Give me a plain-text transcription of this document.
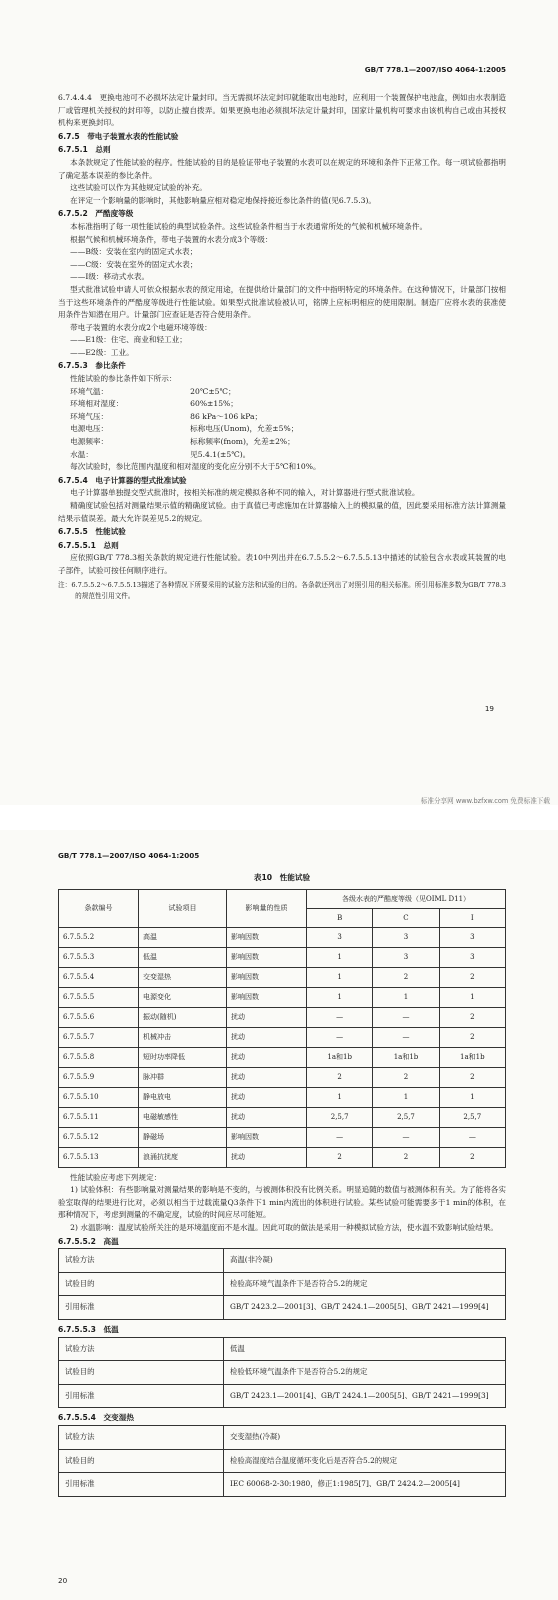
GB/T 778.1—2007/ISO 4064-1:2005

6.7.4.4.4　更换电池可不必损坏法定计量封印。当无需损坏法定封印就能取出电池时，应利用一个装置保护电池盒，例如由水表制造厂或管理机关授权的封印等，以防止擅自拨弄。如果更换电池必须损坏法定计量封印，国家计量机构可要求由该机构自己或由其授权机构来更换封印。

6.7.5　带电子装置水表的性能试验

6.7.5.1　总则

本条款规定了性能试验的程序。性能试验的目的是验证带电子装置的水表可以在规定的环境和条件下正常工作。每一项试验都指明了确定基本误差的参比条件。

这些试验可以作为其他规定试验的补充。

在评定一个影响量的影响时，其他影响量应相对稳定地保持接近参比条件的值(见6.7.5.3)。

6.7.5.2　严酷度等级

本标准指明了每一项性能试验的典型试验条件。这些试验条件相当于水表通常所处的气候和机械环境条件。

根据气候和机械环境条件，带电子装置的水表分成3个等级：

——B级：安装在室内的固定式水表；

——C级：安装在室外的固定式水表；

——I级：移动式水表。

型式批准试验申请人可依众根据水表的预定用途，在提供给计量部门的文件中指明特定的环境条件。在这种情况下，计量部门按相当于这些环境条件的严酷度等级进行性能试验。如果型式批准试验被认可，铭牌上应标明相应的使用限制。制造厂应将水表的获准使用条件告知潜在用户。计量部门应查证是否符合使用条件。

带电子装置的水表分成2个电磁环境等级：

——E1级：住宅、商业和轻工业；

——E2级：工业。

6.7.5.3　参比条件

性能试验的参比条件如下所示：

环境气温：	20℃±5℃；
环境相对湿度：	60%±15%；
环境气压：	86 kPa～106 kPa；
电源电压：	标称电压(Unom)，允差±5%；
电源频率：	标称频率(fnom)，允差±2%；
水温：	见5.4.1(±5℃)。

每次试验时，参比范围内温度和相对湿度的变化应分别不大于5℃和10%。

6.7.5.4　电子计算器的型式批准试验

电子计算器单独提交型式批准时，按相关标准的规定模拟各种不同的输入，对计算器进行型式批准试验。

精确度试验包括对测量结果示值的精确度试验。由于真值已考虑施加在计算器输入上的模拟量的值，因此要采用标准方法计算测量结果示值误差。最大允许误差见5.2的规定。

6.7.5.5　性能试验

6.7.5.5.1　总则

应依照GB/T 778.3相关条款的规定进行性能试验。表10中列出并在6.7.5.5.2～6.7.5.5.13中描述的试验包含水表或其装置的电子部件，试验可按任何顺序进行。

注：6.7.5.5.2～6.7.5.5.13描述了各种情况下所要采用的试验方法和试验的目的。各条款还列出了对照引用的相关标准。所引用标准多数为GB/T 778.3的规范性引用文件。

19
标准分享网 www.bzfxw.com 免费标准下载
GB/T 778.1—2007/ISO 4064-1:2005
表10　性能试验
条款编号	试验项目	影响量的性质	各级水表的严酷度等级（见OIML D11）		
			B	C	I
6.7.5.5.2	高温	影响因数	3	3	3
6.7.5.5.3	低温	影响因数	1	3	3
6.7.5.5.4	交变湿热	影响因数	1	2	2
6.7.5.5.5	电源变化	影响因数	1	1	1
6.7.5.5.6	振动(随机)	扰动	—	—	2
6.7.5.5.7	机械冲击	扰动	—	—	2
6.7.5.5.8	短时功率降低	扰动	1a和1b	1a和1b	1a和1b
6.7.5.5.9	脉冲群	扰动	2	2	2
6.7.5.5.10	静电放电	扰动	1	1	1
6.7.5.5.11	电磁敏感性	扰动	2,5,7	2,5,7	2,5,7
6.7.5.5.12	静磁场	影响因数	—	—	—
6.7.5.5.13	浪涌抗扰度	扰动	2	2	2

性能试验应考虑下列规定：

1) 试验体积：有些影响量对测量结果的影响是不变的，与被测体积没有比例关系。明显追随的数值与被测体积有关。为了能将各实验室取得的结果进行比对，必须以相当于过载流量Q3条件下1 min内流出的体积进行试验。某些试验可能需要多于1 min的体积，在那种情况下，考虑到测量的不确定度，试验的时间应尽可能短。

2) 水温影响：温度试验所关注的是环境温度而不是水温。因此可取的做法是采用一种模拟试验方法，使水温不致影响试验结果。

6.7.5.5.2　高温

试验方法	高温(非冷凝)
试验目的	检验高环境气温条件下是否符合5.2的规定
引用标准	GB/T 2423.2—2001[3]、GB/T 2424.1—2005[5]、GB/T 2421—1999[4]

6.7.5.5.3　低温

试验方法	低温
试验目的	检验低环境气温条件下是否符合5.2的规定
引用标准	GB/T 2423.1—2001[4]、GB/T 2424.1—2005[5]、GB/T 2421—1999[3]

6.7.5.5.4　交变湿热

试验方法	交变湿热(冷凝)
试验目的	检验高湿度结合温度循环变化后是否符合5.2的规定
引用标准	IEC 60068-2-30:1980，修正1:1985[7]、GB/T 2424.2—2005[4]
20
